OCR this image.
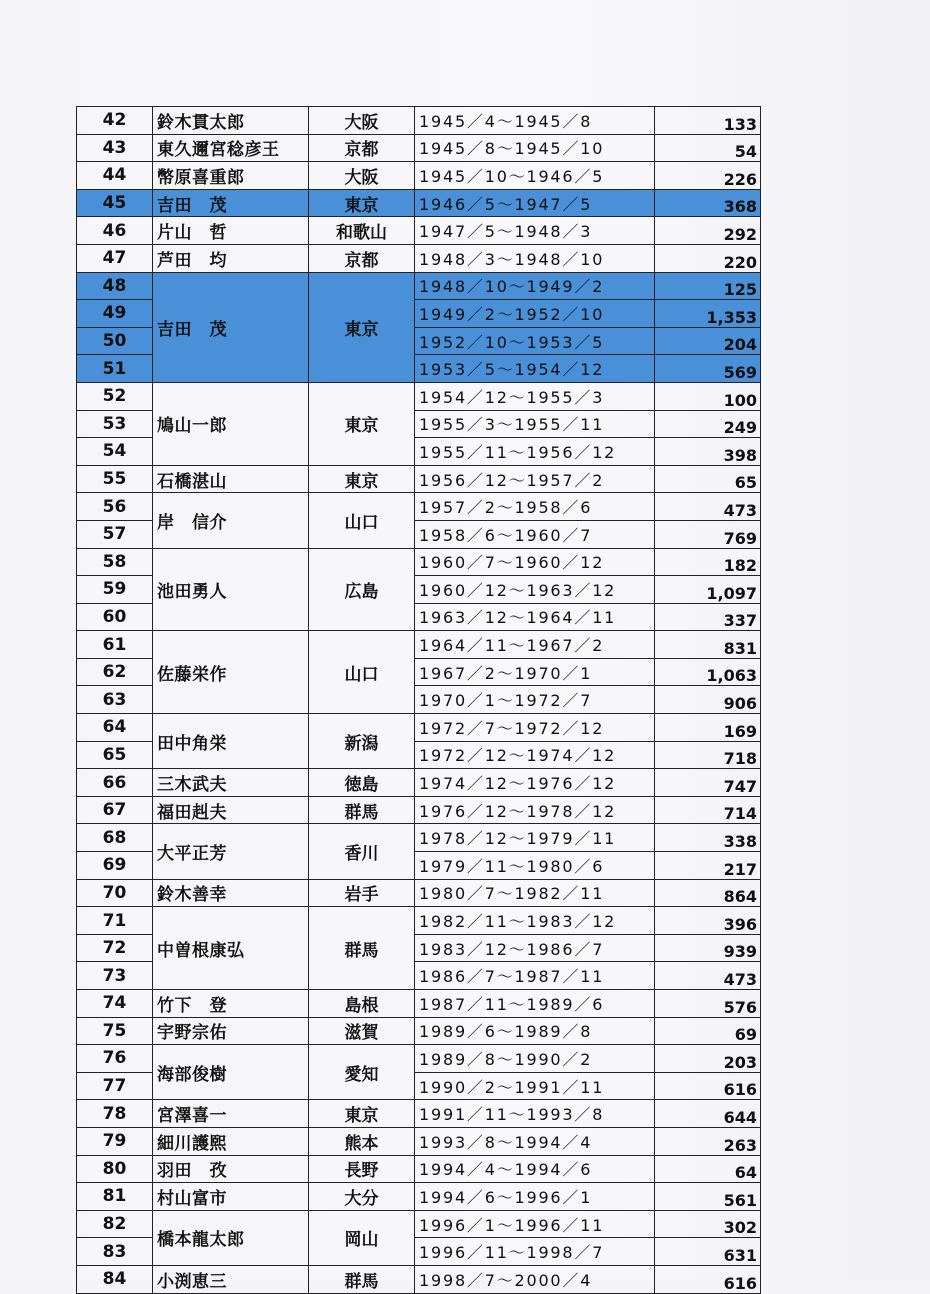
42	鈴木貫太郎	大阪	1945／4～1945／8	133
43	東久邇宮稔彦王	京都	1945／8～1945／10	54
44	幣原喜重郎	大阪	1945／10～1946／5	226
45	吉田　茂	東京	1946／5～1947／5	368
46	片山　哲	和歌山	1947／5～1948／3	292
47	芦田　均	京都	1948／3～1948／10	220
48	吉田　茂	東京	1948／10～1949／2	125
49			1949／2～1952／10	1,353
50			1952／10～1953／5	204
51			1953／5～1954／12	569
52	鳩山一郎	東京	1954／12～1955／3	100
53			1955／3～1955／11	249
54			1955／11～1956／12	398
55	石橋湛山	東京	1956／12～1957／2	65
56	岸　信介	山口	1957／2～1958／6	473
57			1958／6～1960／7	769
58	池田勇人	広島	1960／7～1960／12	182
59			1960／12～1963／12	1,097
60			1963／12～1964／11	337
61	佐藤栄作	山口	1964／11～1967／2	831
62			1967／2～1970／1	1,063
63			1970／1～1972／7	906
64	田中角栄	新潟	1972／7～1972／12	169
65			1972／12～1974／12	718
66	三木武夫	徳島	1974／12～1976／12	747
67	福田赳夫	群馬	1976／12～1978／12	714
68	大平正芳	香川	1978／12～1979／11	338
69			1979／11～1980／6	217
70	鈴木善幸	岩手	1980／7～1982／11	864
71	中曽根康弘	群馬	1982／11～1983／12	396
72			1983／12～1986／7	939
73			1986／7～1987／11	473
74	竹下　登	島根	1987／11～1989／6	576
75	宇野宗佑	滋賀	1989／6～1989／8	69
76	海部俊樹	愛知	1989／8～1990／2	203
77			1990／2～1991／11	616
78	宮澤喜一	東京	1991／11～1993／8	644
79	細川護煕	熊本	1993／8～1994／4	263
80	羽田　孜	長野	1994／4～1994／6	64
81	村山富市	大分	1994／6～1996／1	561
82	橋本龍太郎	岡山	1996／1～1996／11	302
83			1996／11～1998／7	631
84	小渕恵三	群馬	1998／7～2000／4	616
